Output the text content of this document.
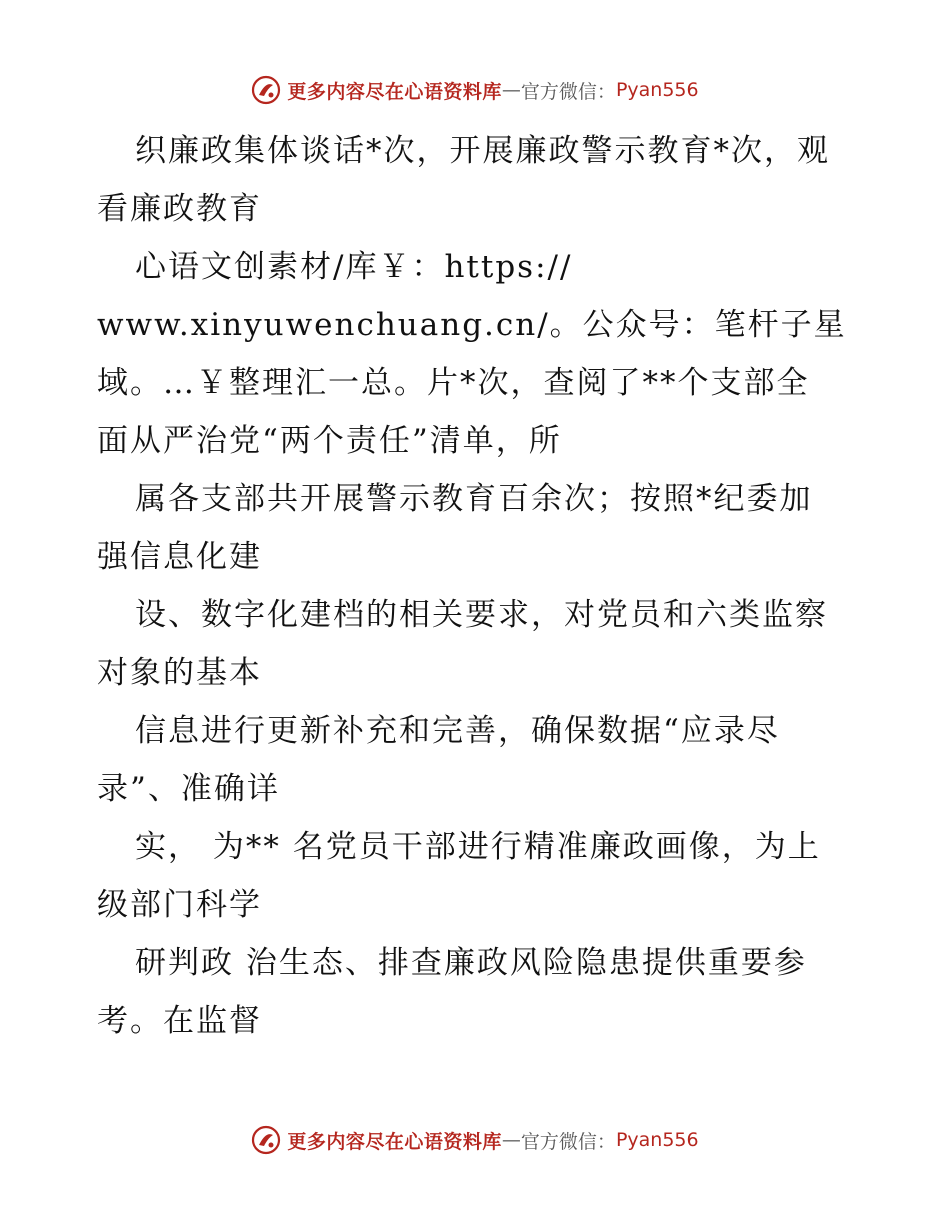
更多内容尽在心语资料库 — 官方微信： Pyan556
织廉政集体谈话*次，开展廉政警示教育*次，观
看廉政教育
心语文创素材/库￥：https://
www.xinyuwenchuang.cn/。公众号：笔杆子星
域。…￥整理汇一总。片*次，查阅了**个支部全
面从严治党“两个责任”清单，所
属各支部共开展警示教育百余次；按照*纪委加
强信息化建
设、数字化建档的相关要求，对党员和六类监察
对象的基本
信息进行更新补充和完善，确保数据“应录尽
录”、准确详
实， 为** 名党员干部进行精准廉政画像，为上
级部门科学
研判政 治生态、排查廉政风险隐患提供重要参
考。在监督
更多内容尽在心语资料库 — 官方微信： Pyan556
